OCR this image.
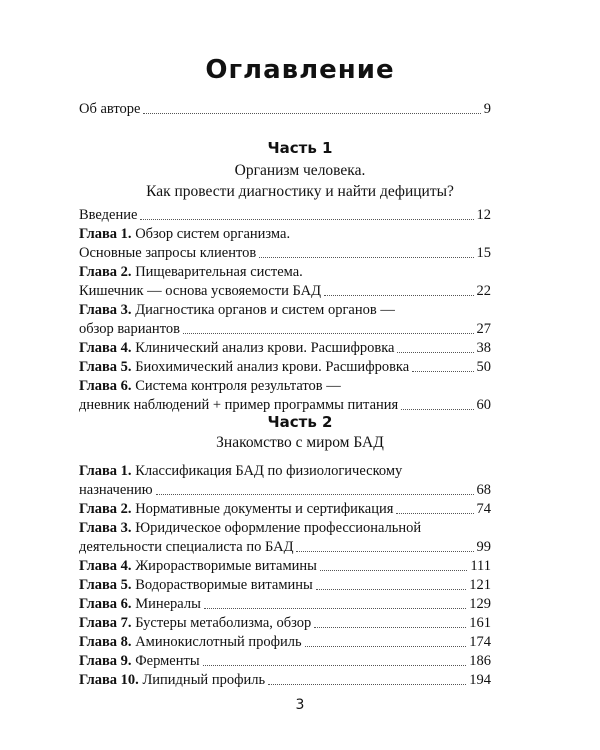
Оглавление
Об авторе	9
Часть 1
Организм человека.
Как провести диагностику и найти дефициты?
Введение	12
Глава 1. Обзор систем организма.
Основные запросы клиентов	15
Глава 2. Пищеварительная система.
Кишечник — основа усвояемости БАД	22
Глава 3. Диагностика органов и систем органов —
обзор вариантов	27
Глава 4. Клинический анализ крови. Расшифровка	38
Глава 5. Биохимический анализ крови. Расшифровка	50
Глава 6. Система контроля результатов —
дневник наблюдений + пример программы питания	60
Часть 2
Знакомство с миром БАД
Глава 1. Классификация БАД по физиологическому
назначению	68
Глава 2. Нормативные документы и сертификация	74
Глава 3. Юридическое оформление профессиональной
деятельности специалиста по БАД	99
Глава 4. Жирорастворимые витамины	111
Глава 5. Водорастворимые витамины	121
Глава 6. Минералы	129
Глава 7. Бустеры метаболизма, обзор	161
Глава 8. Аминокислотный профиль	174
Глава 9. Ферменты	186
Глава 10. Липидный профиль	194
3
